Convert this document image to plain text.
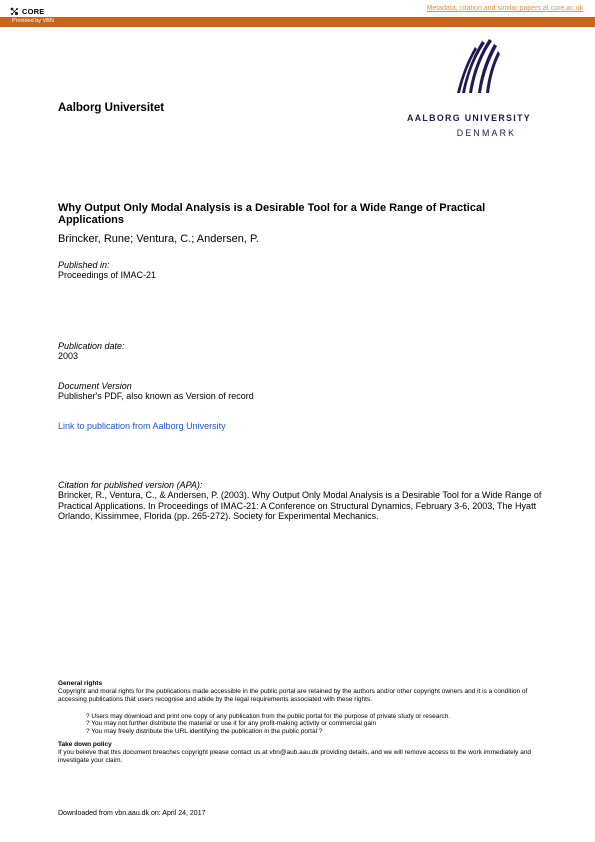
CORE	Metadata, citation and similar papers at core.ac.uk
Provided by VBN
AALBORG UNIVERSITY
DENMARK
Aalborg Universitet
Why Output Only Modal Analysis is a Desirable Tool for a Wide Range of Practical Applications
Brincker, Rune; Ventura, C.; Andersen, P.
Published in:
Proceedings of IMAC-21
Publication date:
2003
Document Version
Publisher's PDF, also known as Version of record
Link to publication from Aalborg University
Citation for published version (APA):
Brincker, R., Ventura, C., & Andersen, P. (2003). Why Output Only Modal Analysis is a Desirable Tool for a Wide Range of Practical Applications. In Proceedings of IMAC-21: A Conference on Structural Dynamics, February 3-6, 2003, The Hyatt Orlando, Kissimmee, Florida (pp. 265-272). Society for Experimental Mechanics.
General rights
Copyright and moral rights for the publications made accessible in the public portal are retained by the authors and/or other copyright owners and it is a condition of accessing publications that users recognise and abide by the legal requirements associated with these rights.
? Users may download and print one copy of any publication from the public portal for the purpose of private study or research.
? You may not further distribute the material or use it for any profit-making activity or commercial gain
? You may freely distribute the URL identifying the publication in the public portal ?
Take down policy
If you believe that this document breaches copyright please contact us at vbn@aub.aau.dk providing details, and we will remove access to the work immediately and investigate your claim.
Downloaded from vbn.aau.dk on: April 24, 2017
